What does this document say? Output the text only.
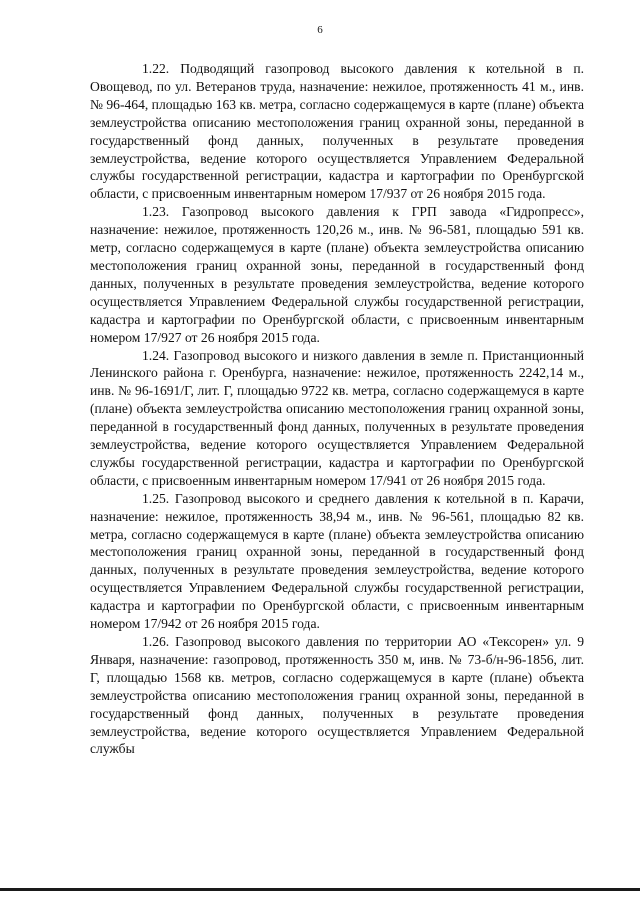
6

1.22. Подводящий газопровод высокого давления к котельной в п. Овощевод, по ул. Ветеранов труда, назначение: нежилое, протяженность 41 м., инв. № 96-464, площадью 163 кв. метра, согласно содержащемуся в карте (плане) объекта землеустройства описанию местоположения границ охранной зоны, переданной в государственный фонд данных, полученных в результате проведения землеустройства, ведение которого осуществляется Управлением Федеральной службы государственной регистрации, кадастра и картографии по Оренбургской области, с присвоенным инвентарным номером 17/937 от 26 ноября 2015 года.

1.23. Газопровод высокого давления к ГРП завода «Гидропресс», назначение: нежилое, протяженность 120,26 м., инв. № 96-581, площадью 591 кв. метр, согласно содержащемуся в карте (плане) объекта землеустройства описанию местоположения границ охранной зоны, переданной в государственный фонд данных, полученных в результате проведения землеустройства, ведение которого осуществляется Управлением Федеральной службы государственной регистрации, кадастра и картографии по Оренбургской области, с присвоенным инвентарным номером 17/927 от 26 ноября 2015 года.

1.24. Газопровод высокого и низкого давления в земле п. Пристанционный Ленинского района г. Оренбурга, назначение: нежилое, протяженность 2242,14 м., инв. № 96-1691/Г, лит. Г, площадью 9722 кв. метра, согласно содержащемуся в карте (плане) объекта землеустройства описанию местоположения границ охранной зоны, переданной в государственный фонд данных, полученных в результате проведения землеустройства, ведение которого осуществляется Управлением Федеральной службы государственной регистрации, кадастра и картографии по Оренбургской области, с присвоенным инвентарным номером 17/941 от 26 ноября 2015 года.

1.25. Газопровод высокого и среднего давления к котельной в п. Карачи, назначение: нежилое, протяженность 38,94 м., инв. № 96-561, площадью 82 кв. метра, согласно содержащемуся в карте (плане) объекта землеустройства описанию местоположения границ охранной зоны, переданной в государственный фонд данных, полученных в результате проведения землеустройства, ведение которого осуществляется Управлением Федеральной службы государственной регистрации, кадастра и картографии по Оренбургской области, с присвоенным инвентарным номером 17/942 от 26 ноября 2015 года.

1.26. Газопровод высокого давления по территории АО «Тексорен» ул. 9 Января, назначение: газопровод, протяженность 350 м, инв. № 73-б/н-96-1856, лит. Г, площадью 1568 кв. метров, согласно содержащемуся в карте (плане) объекта землеустройства описанию местоположения границ охранной зоны, переданной в государственный фонд данных, полученных в результате проведения землеустройства, ведение которого осуществляется Управлением Федеральной службы
